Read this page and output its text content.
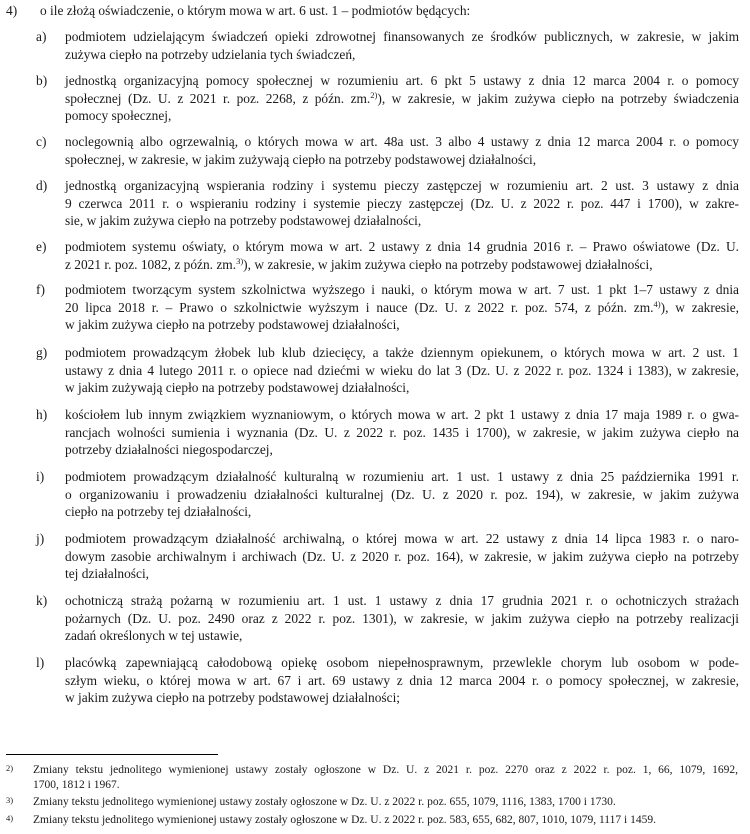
4) o ile złożą oświadczenie, o którym mowa w art. 6 ust. 1 – podmiotów będących:
a) podmiotem udzielającym świadczeń opieki zdrowotnej finansowanych ze środków publicznych, w zakresie, w jakim
zużywa ciepło na potrzeby udzielania tych świadczeń,
b) jednostką organizacyjną pomocy społecznej w rozumieniu art. 6 pkt 5 ustawy z dnia 12 marca 2004 r. o pomocy
społecznej (Dz. U. z 2021 r. poz. 2268, z późn. zm.$^{2)}$), w zakresie, w jakim zużywa ciepło na potrzeby świadczenia
pomocy społecznej,
c) noclegownią albo ogrzewalnią, o których mowa w art. 48a ust. 3 albo 4 ustawy z dnia 12 marca 2004 r. o pomocy
społecznej, w zakresie, w jakim zużywają ciepło na potrzeby podstawowej działalności,
d) jednostką organizacyjną wspierania rodziny i systemu pieczy zastępczej w rozumieniu art. 2 ust. 3 ustawy z dnia
9 czerwca 2011 r. o wspieraniu rodziny i systemie pieczy zastępczej (Dz. U. z 2022 r. poz. 447 i 1700), w zakre-
sie, w jakim zużywa ciepło na potrzeby podstawowej działalności,
e) podmiotem systemu oświaty, o którym mowa w art. 2 ustawy z dnia 14 grudnia 2016 r. – Prawo oświatowe (Dz. U.
z 2021 r. poz. 1082, z późn. zm.$^{3)}$), w zakresie, w jakim zużywa ciepło na potrzeby podstawowej działalności,
f) podmiotem tworzącym system szkolnictwa wyższego i nauki, o którym mowa w art. 7 ust. 1 pkt 1–7 ustawy z dnia
20 lipca 2018 r. – Prawo o szkolnictwie wyższym i nauce (Dz. U. z 2022 r. poz. 574, z późn. zm.$^{4)}$), w zakresie,
w jakim zużywa ciepło na potrzeby podstawowej działalności,
g) podmiotem prowadzącym żłobek lub klub dziecięcy, a także dziennym opiekunem, o których mowa w art. 2 ust. 1
ustawy z dnia 4 lutego 2011 r. o opiece nad dziećmi w wieku do lat 3 (Dz. U. z 2022 r. poz. 1324 i 1383), w zakresie,
w jakim zużywają ciepło na potrzeby podstawowej działalności,
h) kościołem lub innym związkiem wyznaniowym, o których mowa w art. 2 pkt 1 ustawy z dnia 17 maja 1989 r. o gwa-
rancjach wolności sumienia i wyznania (Dz. U. z 2022 r. poz. 1435 i 1700), w zakresie, w jakim zużywa ciepło na
potrzeby działalności niegospodarczej,
i) podmiotem prowadzącym działalność kulturalną w rozumieniu art. 1 ust. 1 ustawy z dnia 25 października 1991 r.
o organizowaniu i prowadzeniu działalności kulturalnej (Dz. U. z 2020 r. poz. 194), w zakresie, w jakim zużywa
ciepło na potrzeby tej działalności,
j) podmiotem prowadzącym działalność archiwalną, o której mowa w art. 22 ustawy z dnia 14 lipca 1983 r. o naro-
dowym zasobie archiwalnym i archiwach (Dz. U. z 2020 r. poz. 164), w zakresie, w jakim zużywa ciepło na potrzeby
tej działalności,
k) ochotniczą strażą pożarną w rozumieniu art. 1 ust. 1 ustawy z dnia 17 grudnia 2021 r. o ochotniczych strażach
pożarnych (Dz. U. poz. 2490 oraz z 2022 r. poz. 1301), w zakresie, w jakim zużywa ciepło na potrzeby realizacji
zadań określonych w tej ustawie,
l) placówką zapewniającą całodobową opiekę osobom niepełnosprawnym, przewlekle chorym lub osobom w pode-
szłym wieku, o której mowa w art. 67 i art. 69 ustawy z dnia 12 marca 2004 r. o pomocy społecznej, w zakresie,
w jakim zużywa ciepło na potrzeby podstawowej działalności;
2) Zmiany tekstu jednolitego wymienionej ustawy zostały ogłoszone w Dz. U. z 2021 r. poz. 2270 oraz z 2022 r. poz. 1, 66, 1079, 1692,
1700, 1812 i 1967.
3) Zmiany tekstu jednolitego wymienionej ustawy zostały ogłoszone w Dz. U. z 2022 r. poz. 655, 1079, 1116, 1383, 1700 i 1730.
4) Zmiany tekstu jednolitego wymienionej ustawy zostały ogłoszone w Dz. U. z 2022 r. poz. 583, 655, 682, 807, 1010, 1079, 1117 i 1459.
